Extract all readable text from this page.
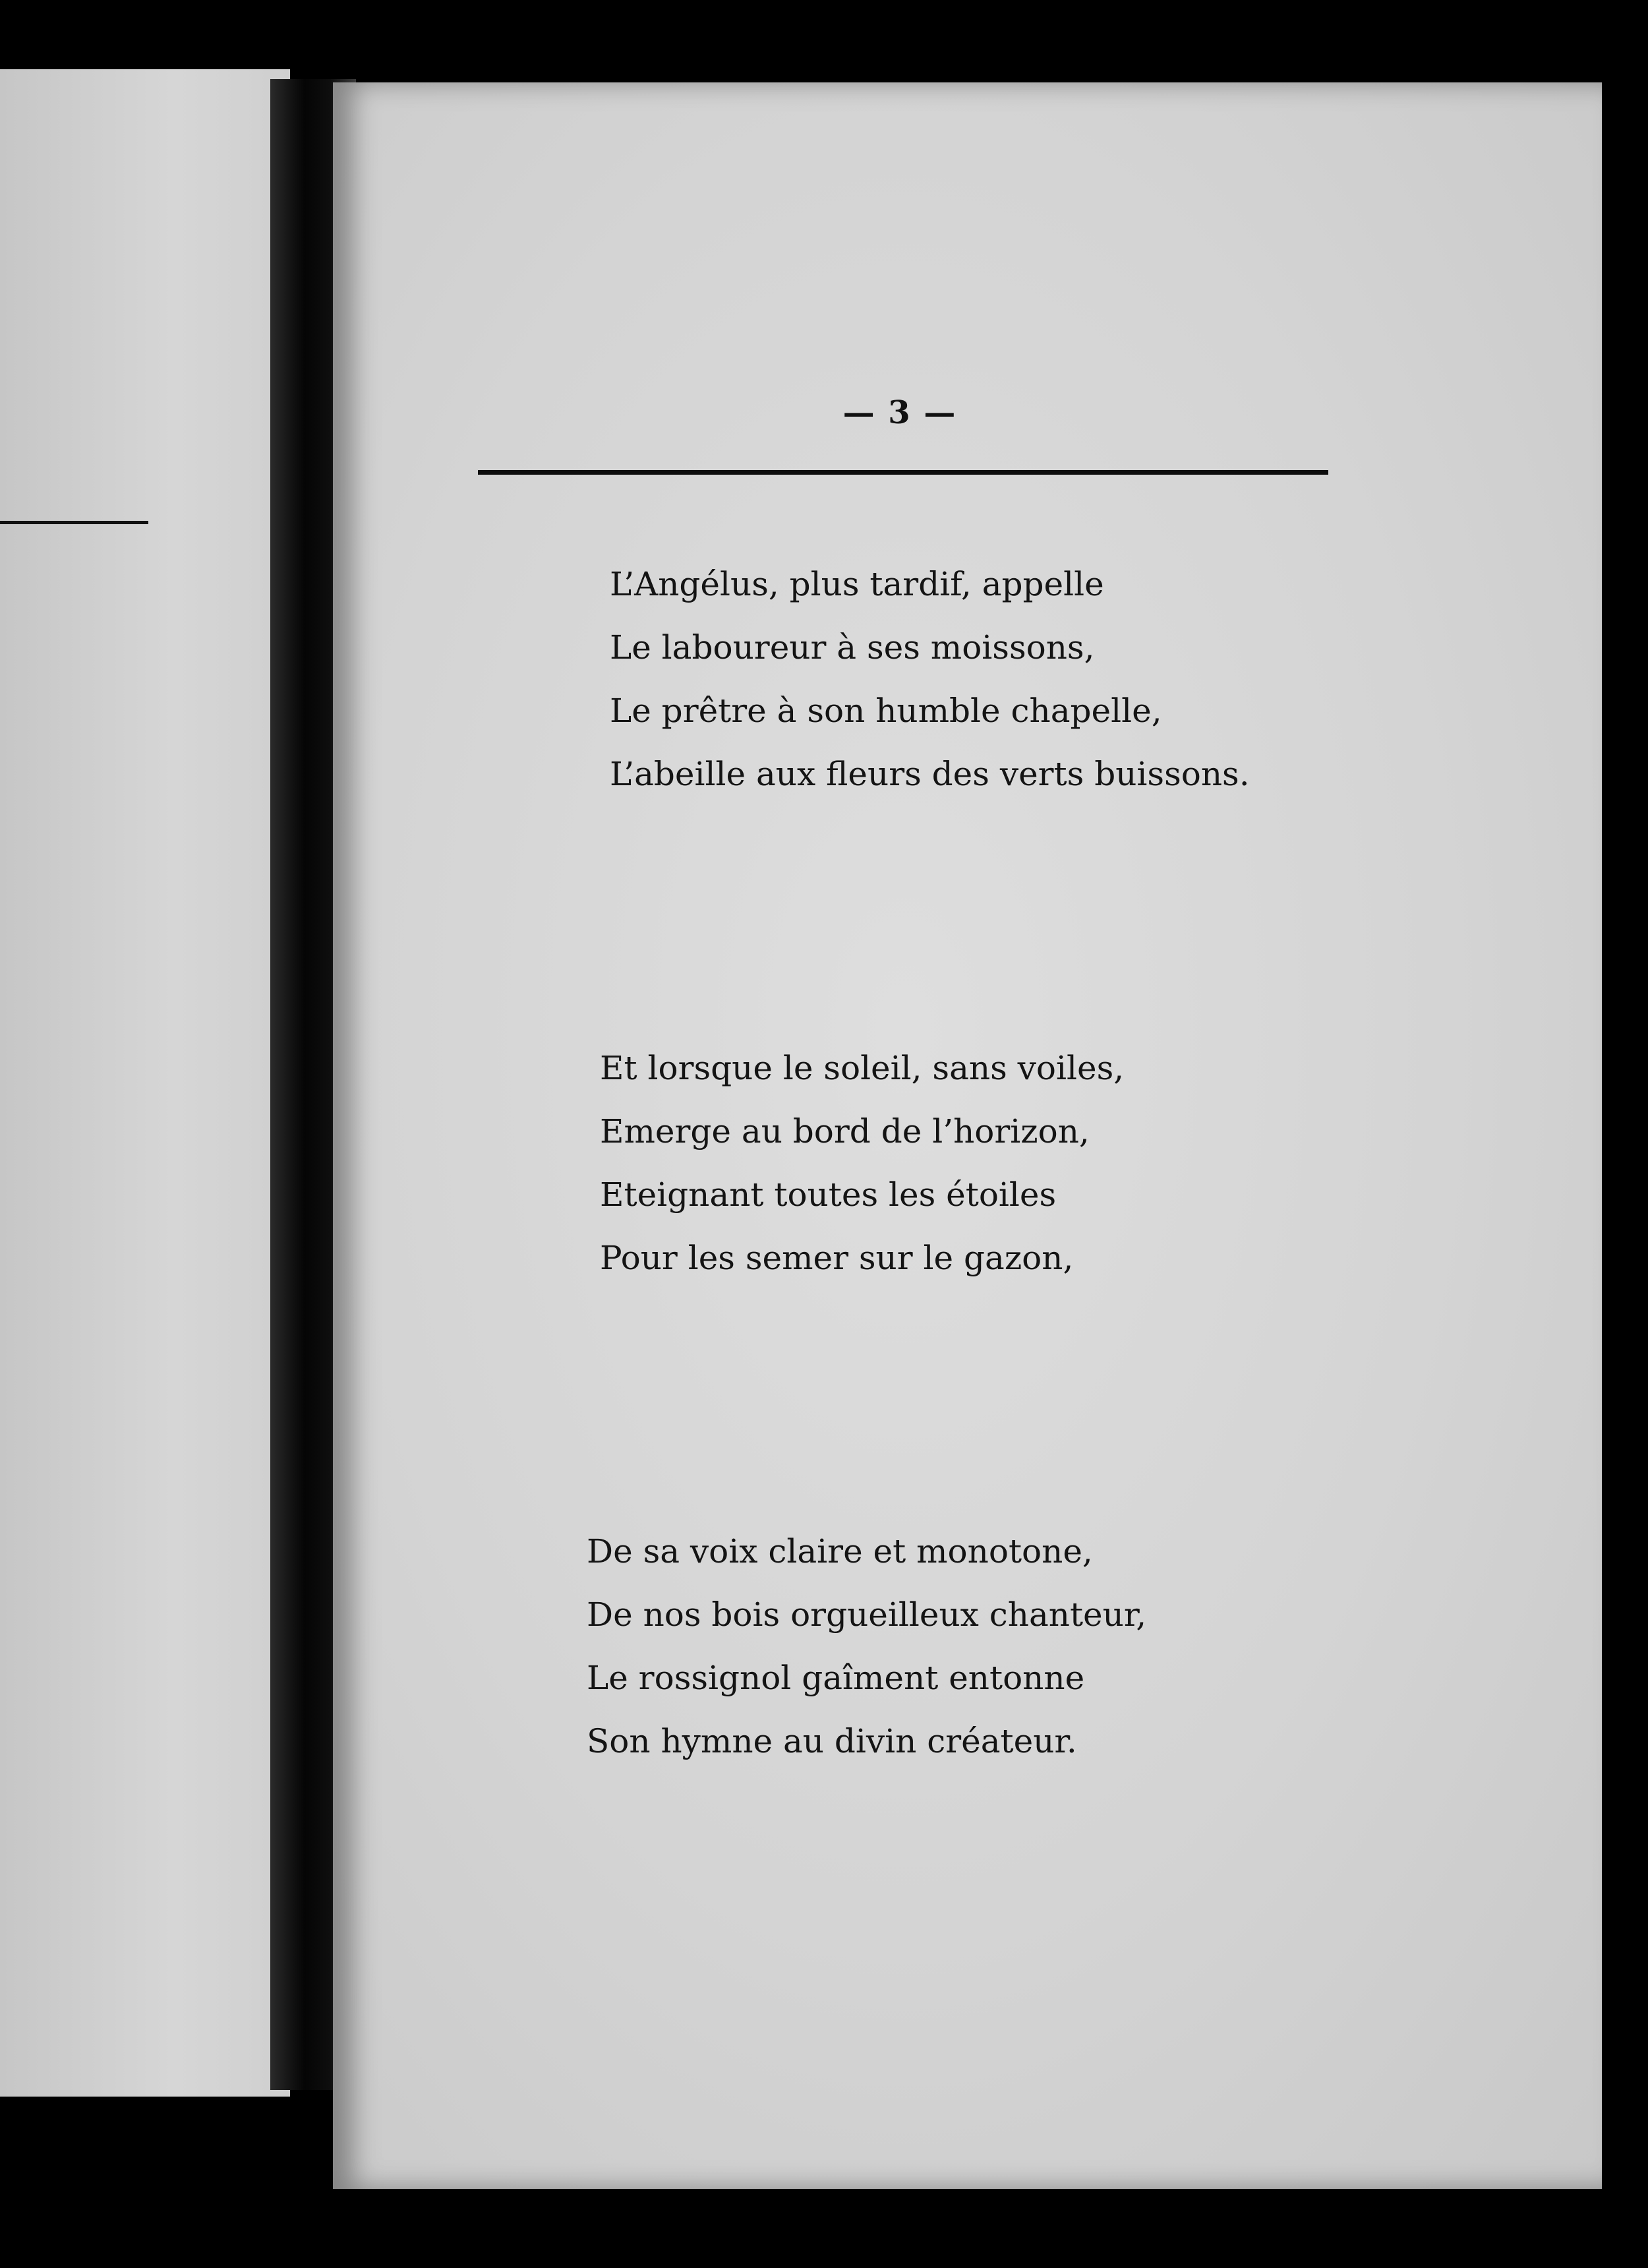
— 3 —
L’Angélus, plus tardif, appelle
Le laboureur à ses moissons,
Le prêtre à son humble chapelle,
L’abeille aux fleurs des verts buissons.
Et lorsque le soleil, sans voiles,
Emerge au bord de l’horizon,
Eteignant toutes les étoiles
Pour les semer sur le gazon,
De sa voix claire et monotone,
De nos bois orgueilleux chanteur,
Le rossignol gaîment entonne
Son hymne au divin créateur.
